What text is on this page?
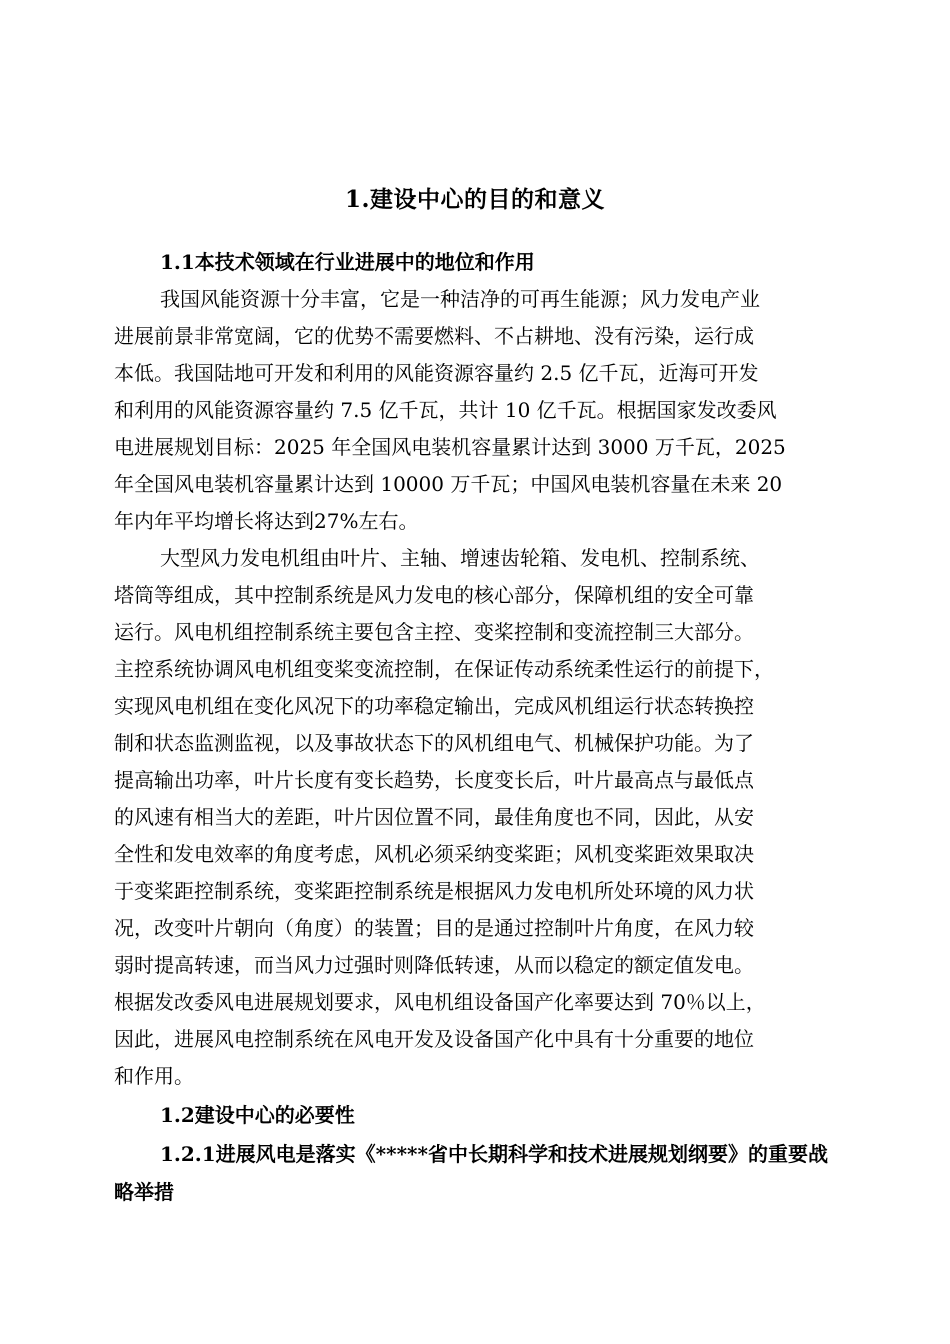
1.建设中心的目的和意义
1.1本技术领域在行业进展中的地位和作用
我国风能资源十分丰富，它是一种洁净的可再生能源；风力发电产业
进展前景非常宽阔，它的优势不需要燃料、不占耕地、没有污染，运行成
本低。我国陆地可开发和利用的风能资源容量约 2.5 亿千瓦，近海可开发
和利用的风能资源容量约 7.5 亿千瓦，共计 10 亿千瓦。根据国家发改委风
电进展规划目标：2025 年全国风电装机容量累计达到 3000 万千瓦，2025
年全国风电装机容量累计达到 10000 万千瓦；中国风电装机容量在未来 20
年内年平均增长将达到27%左右。
大型风力发电机组由叶片、主轴、增速齿轮箱、发电机、控制系统、
塔筒等组成，其中控制系统是风力发电的核心部分，保障机组的安全可靠
运行。风电机组控制系统主要包含主控、变桨控制和变流控制三大部分。
主控系统协调风电机组变桨变流控制，在保证传动系统柔性运行的前提下，
实现风电机组在变化风况下的功率稳定输出，完成风机组运行状态转换控
制和状态监测监视，以及事故状态下的风机组电气、机械保护功能。为了
提高输出功率，叶片长度有变长趋势，长度变长后，叶片最高点与最低点
的风速有相当大的差距，叶片因位置不同，最佳角度也不同，因此，从安
全性和发电效率的角度考虑，风机必须采纳变桨距；风机变桨距效果取决
于变桨距控制系统，变桨距控制系统是根据风力发电机所处环境的风力状
况，改变叶片朝向（角度）的装置；目的是通过控制叶片角度，在风力较
弱时提高转速，而当风力过强时则降低转速，从而以稳定的额定值发电。
根据发改委风电进展规划要求，风电机组设备国产化率要达到 70％以上，
因此，进展风电控制系统在风电开发及设备国产化中具有十分重要的地位
和作用。
1.2建设中心的必要性
1.2.1进展风电是落实《*****省中长期科学和技术进展规划纲要》的重要战略举措
